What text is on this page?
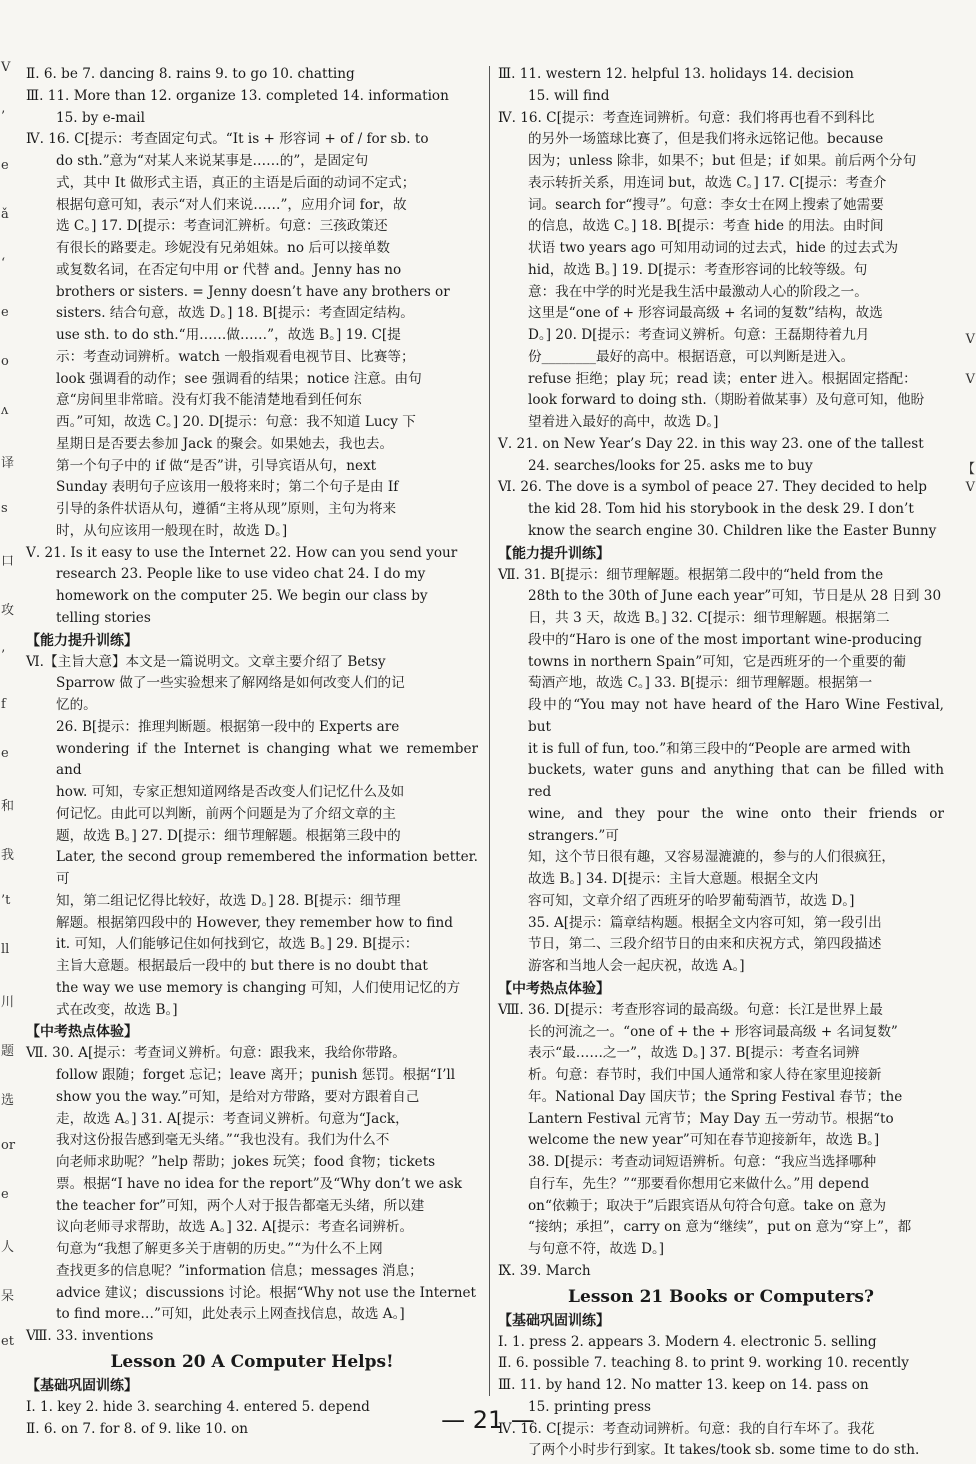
V
’
e
ǎ
‘
e
o
ʌ
译
s
口
攻
’
f
e
和
我
’t
ll
川
题
选
or
e
人
呆
et
V
V
【
V

Ⅱ. 6. be 7. dancing 8. rains 9. to go 10. chatting

Ⅲ. 11. More than 12. organize 13. completed 14. information

15. by e-mail

Ⅳ. 16. C[提示：考查固定句式。“It is + 形容词 + of / for sb. to

do sth.”意为“对某人来说某事是……的”，是固定句

式，其中 It 做形式主语，真正的主语是后面的动词不定式；

根据句意可知，表示“对人们来说……”，应用介词 for，故

选 C。] 17. D[提示：考查词汇辨析。句意：三孩政策还

有很长的路要走。珍妮没有兄弟姐妹。no 后可以接单数

或复数名词，在否定句中用 or 代替 and。Jenny has no

brothers or sisters. = Jenny doesn’t have any brothers or

sisters. 结合句意，故选 D。] 18. B[提示：考查固定结构。

use sth. to do sth.“用……做……”，故选 B。] 19. C[提

示：考查动词辨析。watch 一般指观看电视节目、比赛等；

look 强调看的动作；see 强调看的结果；notice 注意。由句

意“房间里非常暗。没有灯我不能清楚地看到任何东

西。”可知，故选 C。] 20. D[提示：句意：我不知道 Lucy 下

星期日是否要去参加 Jack 的聚会。如果她去，我也去。

第一个句子中的 if 做“是否”讲，引导宾语从句，next

Sunday 表明句子应该用一般将来时；第二个句子是由 If

引导的条件状语从句，遵循“主将从现”原则，主句为将来

时，从句应该用一般现在时，故选 D。]

Ⅴ. 21. Is it easy to use the Internet 22. How can you send your

research 23. People like to use video chat 24. I do my

homework on the computer 25. We begin our class by

telling stories

【能力提升训练】

Ⅵ.【主旨大意】本文是一篇说明文。文章主要介绍了 Betsy

Sparrow 做了一些实验想来了解网络是如何改变人们的记

忆的。

26. B[提示：推理判断题。根据第一段中的 Experts are

wondering if the Internet is changing what we remember and

how. 可知，专家正想知道网络是否改变人们记忆什么及如

何记忆。由此可以判断，前两个问题是为了介绍文章的主

题，故选 B。] 27. D[提示：细节理解题。根据第三段中的

Later, the second group remembered the information better. 可

知，第二组记忆得比较好，故选 D。] 28. B[提示：细节理

解题。根据第四段中的 However, they remember how to find

it. 可知，人们能够记住如何找到它，故选 B。] 29. B[提示：

主旨大意题。根据最后一段中的 but there is no doubt that

the way we use memory is changing 可知，人们使用记忆的方

式在改变，故选 B。]

【中考热点体验】

Ⅶ. 30. A[提示：考查词义辨析。句意：跟我来，我给你带路。

follow 跟随；forget 忘记；leave 离开；punish 惩罚。根据“I’ll

show you the way.”可知，是给对方带路，要对方跟着自己

走，故选 A。] 31. A[提示：考查词义辨析。句意为“Jack，

我对这份报告感到毫无头绪。”“我也没有。我们为什么不

向老师求助呢？”help 帮助；jokes 玩笑；food 食物；tickets

票。根据“I have no idea for the report”及“Why don’t we ask

the teacher for”可知，两个人对于报告都毫无头绪，所以建

议向老师寻求帮助，故选 A。] 32. A[提示：考查名词辨析。

句意为“我想了解更多关于唐朝的历史。”“为什么不上网

查找更多的信息呢？”information 信息；messages 消息；

advice 建议；discussions 讨论。根据“Why not use the Internet

to find more…”可知，此处表示上网查找信息，故选 A。]

Ⅷ. 33. inventions

Lesson 20 A Computer Helps!

【基础巩固训练】

Ⅰ. 1. key 2. hide 3. searching 4. entered 5. depend

Ⅱ. 6. on 7. for 8. of 9. like 10. on

Ⅲ. 11. western 12. helpful 13. holidays 14. decision

15. will find

Ⅳ. 16. C[提示：考查连词辨析。句意：我们将再也看不到科比

的另外一场篮球比赛了，但是我们将永远铭记他。because

因为；unless 除非，如果不；but 但是；if 如果。前后两个分句

表示转折关系，用连词 but，故选 C。] 17. C[提示：考查介

词。search for“搜寻”。句意：李女士在网上搜索了她需要

的信息，故选 C。] 18. B[提示：考查 hide 的用法。由时间

状语 two years ago 可知用动词的过去式，hide 的过去式为

hid，故选 B。] 19. D[提示：考查形容词的比较等级。句

意：我在中学的时光是我生活中最激动人心的阶段之一。

这里是“one of + 形容词最高级 + 名词的复数”结构，故选

D。] 20. D[提示：考查词义辨析。句意：王磊期待着九月

份________最好的高中。根据语意，可以判断是进入。

refuse 拒绝；play 玩；read 读；enter 进入。根据固定搭配：

look forward to doing sth.（期盼着做某事）及句意可知，他盼

望着进入最好的高中，故选 D。]

Ⅴ. 21. on New Year’s Day 22. in this way 23. one of the tallest

24. searches/looks for 25. asks me to buy

Ⅵ. 26. The dove is a symbol of peace 27. They decided to help

the kid 28. Tom hid his storybook in the desk 29. I don’t

know the search engine 30. Children like the Easter Bunny

【能力提升训练】

Ⅶ. 31. B[提示：细节理解题。根据第二段中的“held from the

28th to the 30th of June each year”可知，节日是从 28 日到 30

日，共 3 天，故选 B。] 32. C[提示：细节理解题。根据第二

段中的“Haro is one of the most important wine-producing

towns in northern Spain”可知，它是西班牙的一个重要的葡

萄酒产地，故选 C。] 33. B[提示：细节理解题。根据第一

段中的“You may not have heard of the Haro Wine Festival, but

it is full of fun, too.”和第三段中的“People are armed with

buckets, water guns and anything that can be filled with red

wine, and they pour the wine onto their friends or strangers.”可

知，这个节日很有趣，又容易湿漉漉的，参与的人们很疯狂，

故选 B。] 34. D[提示：主旨大意题。根据全文内

容可知，文章介绍了西班牙的哈罗葡萄酒节，故选 D。]

35. A[提示：篇章结构题。根据全文内容可知，第一段引出

节日，第二、三段介绍节日的由来和庆祝方式，第四段描述

游客和当地人会一起庆祝，故选 A。]

【中考热点体验】

Ⅷ. 36. D[提示：考查形容词的最高级。句意：长江是世界上最

长的河流之一。“one of + the + 形容词最高级 + 名词复数”

表示“最……之一”，故选 D。] 37. B[提示：考查名词辨

析。句意：春节时，我们中国人通常和家人待在家里迎接新

年。National Day 国庆节；the Spring Festival 春节；the

Lantern Festival 元宵节；May Day 五一劳动节。根据“to

welcome the new year”可知在春节迎接新年，故选 B。]

38. D[提示：考查动词短语辨析。句意：“我应当选择哪种

自行车，先生？”“那要看你想用它来做什么。”用 depend

on“依赖于；取决于”后跟宾语从句符合句意。take on 意为

“接纳；承担”，carry on 意为“继续”，put on 意为“穿上”，都

与句意不符，故选 D。]

Ⅸ. 39. March

Lesson 21 Books or Computers?

【基础巩固训练】

Ⅰ. 1. press 2. appears 3. Modern 4. electronic 5. selling

Ⅱ. 6. possible 7. teaching 8. to print 9. working 10. recently

Ⅲ. 11. by hand 12. No matter 13. keep on 14. pass on

15. printing press

Ⅳ. 16. C[提示：考查动词辨析。句意：我的自行车坏了。我花

了两个小时步行到家。It takes/took sb. some time to do sth.

— 21 —
